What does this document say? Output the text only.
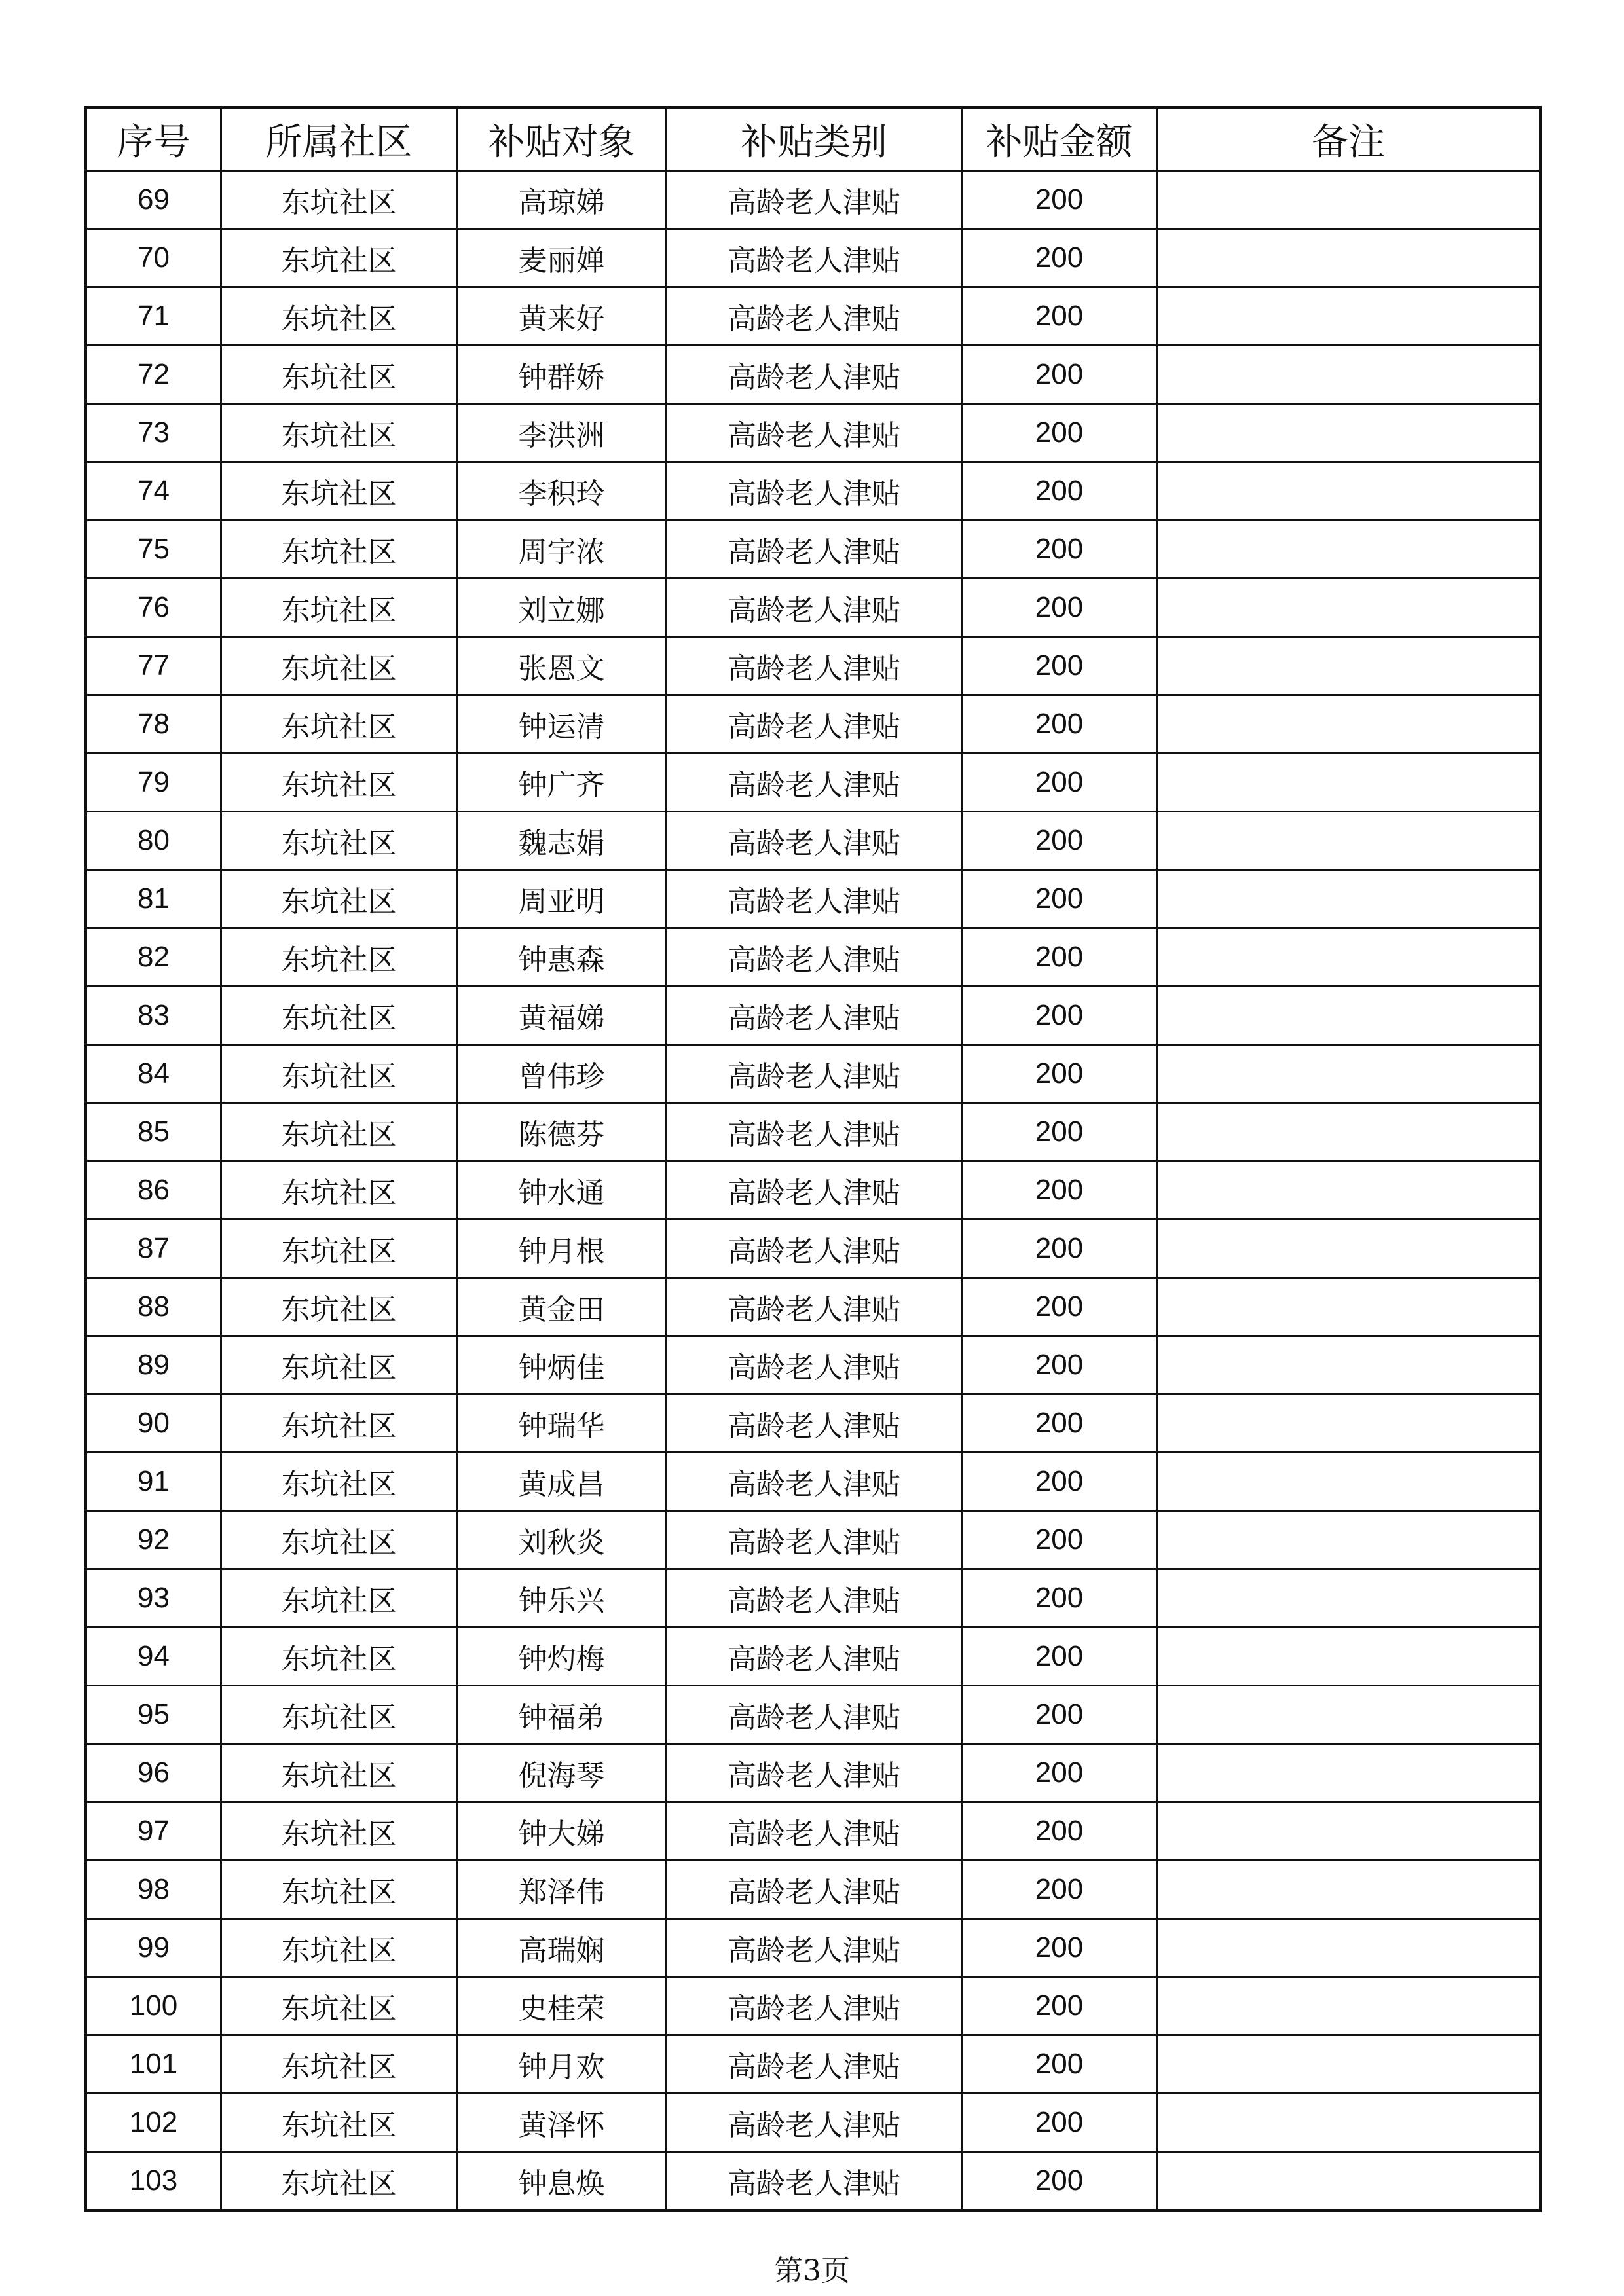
序号	所属社区	补贴对象	补贴类别	补贴金额	备注
69	东坑社区	高琼娣	高龄老人津贴	200	
70	东坑社区	麦丽婵	高龄老人津贴	200	
71	东坑社区	黄来好	高龄老人津贴	200	
72	东坑社区	钟群娇	高龄老人津贴	200	
73	东坑社区	李洪洲	高龄老人津贴	200	
74	东坑社区	李积玲	高龄老人津贴	200	
75	东坑社区	周宇浓	高龄老人津贴	200	
76	东坑社区	刘立娜	高龄老人津贴	200	
77	东坑社区	张恩文	高龄老人津贴	200	
78	东坑社区	钟运清	高龄老人津贴	200	
79	东坑社区	钟广齐	高龄老人津贴	200	
80	东坑社区	魏志娟	高龄老人津贴	200	
81	东坑社区	周亚明	高龄老人津贴	200	
82	东坑社区	钟惠森	高龄老人津贴	200	
83	东坑社区	黄福娣	高龄老人津贴	200	
84	东坑社区	曾伟珍	高龄老人津贴	200	
85	东坑社区	陈德芬	高龄老人津贴	200	
86	东坑社区	钟水通	高龄老人津贴	200	
87	东坑社区	钟月根	高龄老人津贴	200	
88	东坑社区	黄金田	高龄老人津贴	200	
89	东坑社区	钟炳佳	高龄老人津贴	200	
90	东坑社区	钟瑞华	高龄老人津贴	200	
91	东坑社区	黄成昌	高龄老人津贴	200	
92	东坑社区	刘秋炎	高龄老人津贴	200	
93	东坑社区	钟乐兴	高龄老人津贴	200	
94	东坑社区	钟灼梅	高龄老人津贴	200	
95	东坑社区	钟福弟	高龄老人津贴	200	
96	东坑社区	倪海琴	高龄老人津贴	200	
97	东坑社区	钟大娣	高龄老人津贴	200	
98	东坑社区	郑泽伟	高龄老人津贴	200	
99	东坑社区	高瑞娴	高龄老人津贴	200	
100	东坑社区	史桂荣	高龄老人津贴	200	
101	东坑社区	钟月欢	高龄老人津贴	200	
102	东坑社区	黄泽怀	高龄老人津贴	200	
103	东坑社区	钟息焕	高龄老人津贴	200	
第3页
